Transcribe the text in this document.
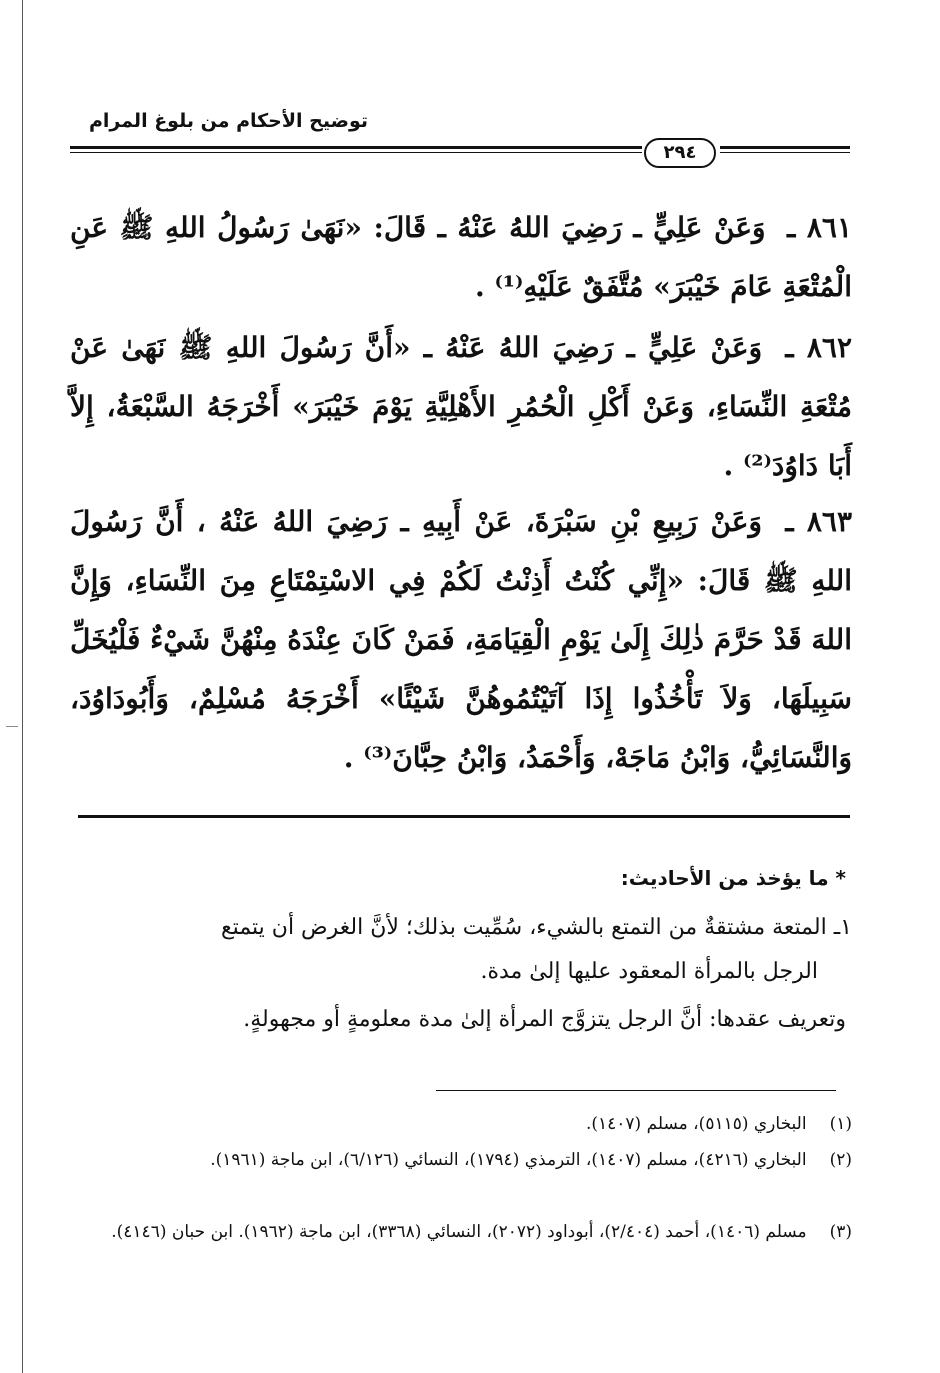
توضيح الأحكام من بلوغ المرام
٢٩٤
٨٦١ ـ وَعَنْ عَلِيٍّ ـ رَضِيَ اللهُ عَنْهُ ـ قَالَ: «نَهَىٰ رَسُولُ اللهِ ﷺ عَنِ الْمُتْعَةِ عَامَ خَيْبَرَ» مُتَّفَقٌ عَلَيْهِ⁽¹⁾ .
٨٦٢ ـ وَعَنْ عَلِيٍّ ـ رَضِيَ اللهُ عَنْهُ ـ «أَنَّ رَسُولَ اللهِ ﷺ نَهَىٰ عَنْ مُتْعَةِ النِّسَاءِ، وَعَنْ أَكْلِ الْحُمُرِ الأَهْلِيَّةِ يَوْمَ خَيْبَرَ» أَخْرَجَهُ السَّبْعَةُ، إِلاَّ أَبَا دَاوُدَ⁽²⁾ .
٨٦٣ ـ وَعَنْ رَبِيعِ بْنِ سَبْرَةَ، عَنْ أَبِيهِ ـ رَضِيَ اللهُ عَنْهُ ، أَنَّ رَسُولَ اللهِ ﷺ قَالَ: «إِنِّي كُنْتُ أَذِنْتُ لَكُمْ فِي الاسْتِمْتَاعِ مِنَ النِّسَاءِ، وَإِنَّ اللهَ قَدْ حَرَّمَ ذٰلِكَ إِلَىٰ يَوْمِ الْقِيَامَةِ، فَمَنْ كَانَ عِنْدَهُ مِنْهُنَّ شَيْءٌ فَلْيُخَلِّ سَبِيلَهَا، وَلاَ تَأْخُذُوا إِذَا آتَيْتُمُوهُنَّ شَيْئًا» أَخْرَجَهُ مُسْلِمٌ، وَأَبُودَاوُدَ، وَالنَّسَائِيُّ، وَابْنُ مَاجَهْ، وَأَحْمَدُ، وَابْنُ حِبَّانَ⁽³⁾ .
* ما يؤخذ من الأحاديث:
١ـ المتعة مشتقةٌ من التمتع بالشيء، سُمِّيت بذلك؛ لأنَّ الغرض أن يتمتع
الرجل بالمرأة المعقود عليها إلىٰ مدة.
وتعريف عقدها: أنَّ الرجل يتزوَّج المرأة إلىٰ مدة معلومةٍ أو مجهولةٍ.
(١) البخاري (٥١١٥)، مسلم (١٤٠٧).
(٢) البخاري (٤٢١٦)، مسلم (١٤٠٧)، الترمذي (١٧٩٤)، النسائي (٦/١٢٦)، ابن ماجة (١٩٦١).
(٣) مسلم (١٤٠٦)، أحمد (٢/٤٠٤)، أبوداود (٢٠٧٢)، النسائي (٣٣٦٨)، ابن ماجة (١٩٦٢). ابن حبان (٤١٤٦).
